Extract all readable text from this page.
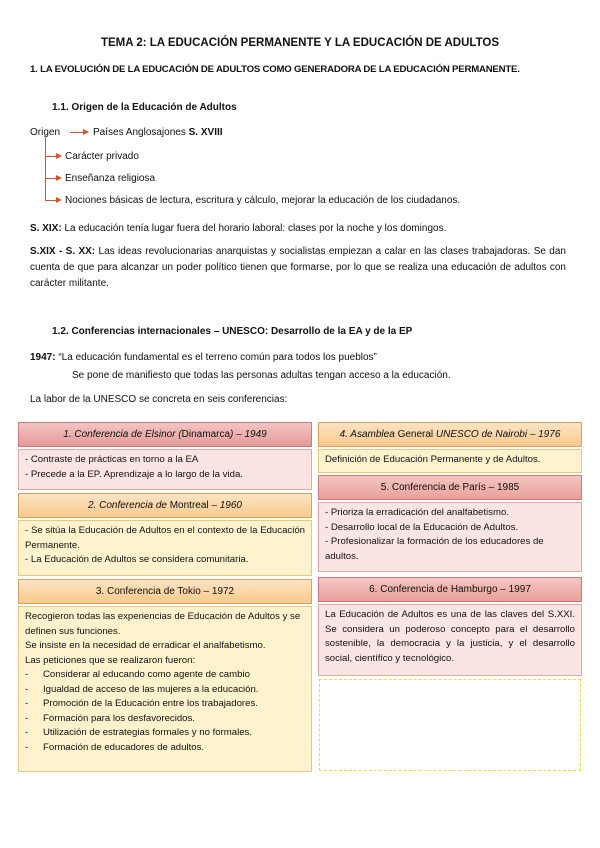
TEMA 2: LA EDUCACIÓN PERMANENTE Y LA EDUCACIÓN DE ADULTOS
1. LA EVOLUCIÓN DE LA EDUCACIÓN DE ADULTOS COMO GENERADORA DE LA EDUCACIÓN PERMANENTE.
1.1. Origen de la Educación de Adultos
Origen	Países Anglosajones S. XVIII
Carácter privado
Enseñanza religiosa
Nociones básicas de lectura, escritura y cálculo, mejorar la educación de los ciudadanos.
S. XIX: La educación tenía lugar fuera del horario laboral: clases por la noche y los domingos.
S.XIX - S. XX: Las ideas revolucionarias anarquistas y socialistas empiezan a calar en las clases trabajadoras. Se dan cuenta de que para alcanzar un poder político tienen que formarse, por lo que se realiza una educación de adultos con carácter militante.
1.2. Conferencias internacionales – UNESCO: Desarrollo de la EA y de la EP
1947: “La educación fundamental es el terreno común para todos los pueblos”
Se pone de manifiesto que todas las personas adultas tengan acceso a la educación.
La labor de la UNESCO se concreta en seis conferencias:
1. Conferencia de Elsinor (Dinamarca) – 1949
- Contraste de prácticas en torno a la EA
- Precede a la EP. Aprendizaje a lo largo de la vida.
2. Conferencia de Montreal – 1960
- Se sitúa la Educación de Adultos en el contexto de la Educación Permanente.
- La Educación de Adultos se considera comunitaria.
3. Conferencia de Tokio – 1972
Recogieron todas las experiencias de Educación de Adultos y se definen sus funciones.
Se insiste en la necesidad de erradicar el analfabetismo.
Las peticiones que se realizaron fueron:
-	Considerar al educando como agente de cambio
-	Igualdad de acceso de las mujeres a la educación.
-	Promoción de la Educación entre los trabajadores.
-	Formación para los desfavorecidos.
-	Utilización de estrategias formales y no formales.
-	Formación de educadores de adultos.
4. Asamblea General UNESCO de Nairobi – 1976
Definición de Educación Permanente y de Adultos.
5. Conferencia de París – 1985
- Prioriza la erradicación del analfabetismo.
- Desarrollo local de la Educación de Adultos.
- Profesionalizar la formación de los educadores de adultos.
6. Conferencia de Hamburgo – 1997
La Educación de Adultos es una de las claves del S.XXI. Se considera un poderoso concepto para el desarrollo sostenible, la democracia y la justicia, y el desarrollo social, científico y tecnológico.
